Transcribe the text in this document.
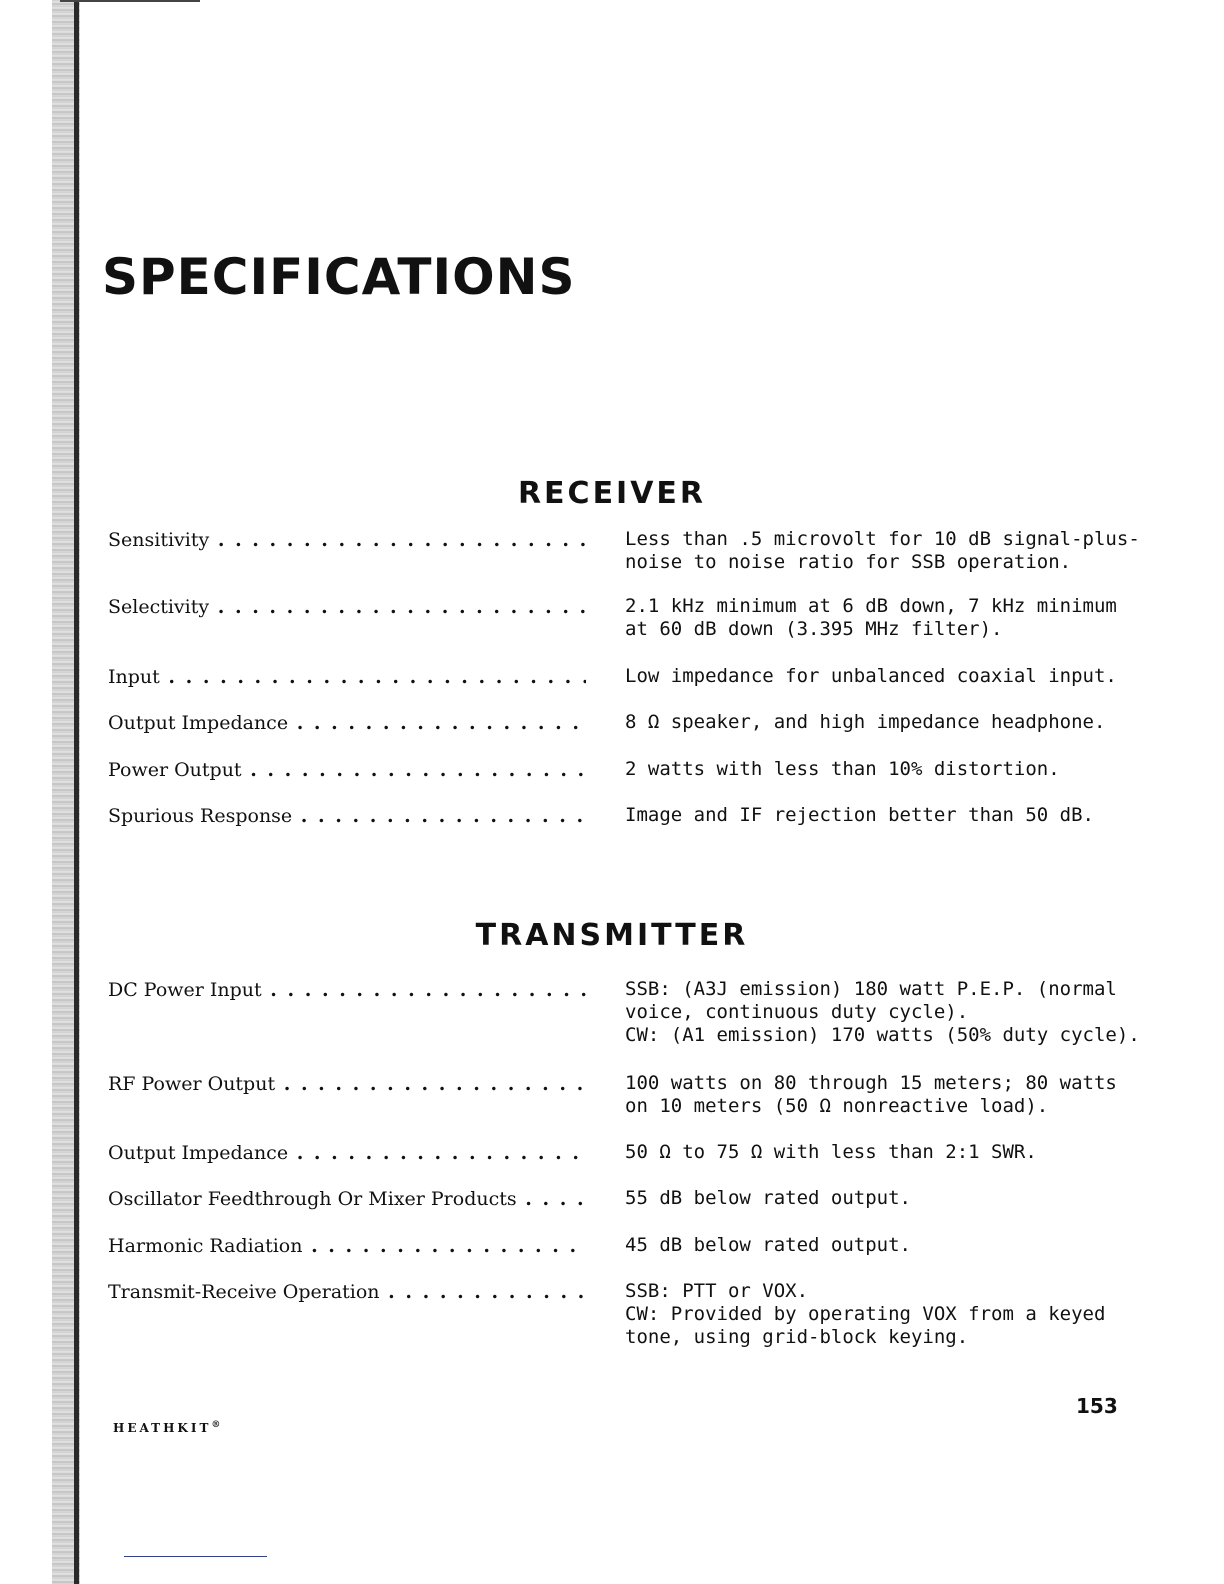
SPECIFICATIONS
RECEIVER
Sensitivity . . .	Less than .5 microvolt for 10 dB signal-plus-
noise to noise ratio for SSB operation.
Selectivity . . .	2.1 kHz minimum at 6 dB down, 7 kHz minimum
at 60 dB down (3.395 MHz filter).
Input . . .	Low impedance for unbalanced coaxial input.
Output Impedance . . .	8 Ω speaker, and high impedance headphone.
Power Output . . .	2 watts with less than 10% distortion.
Spurious Response . . .	Image and IF rejection better than 50 dB.
TRANSMITTER
DC Power Input . . .	SSB: (A3J emission) 180 watt P.E.P. (normal
voice, continuous duty cycle).
CW: (A1 emission) 170 watts (50% duty cycle).
RF Power Output . . .	100 watts on 80 through 15 meters; 80 watts
on 10 meters (50 Ω nonreactive load).
Output Impedance . . .	50 Ω to 75 Ω with less than 2:1 SWR.
Oscillator Feedthrough Or Mixer Products . . .	55 dB below rated output.
Harmonic Radiation . . .	45 dB below rated output.
Transmit-Receive Operation . . .	SSB: PTT or VOX.
CW: Provided by operating VOX from a keyed
tone, using grid-block keying.

153

HEATHKIT®
